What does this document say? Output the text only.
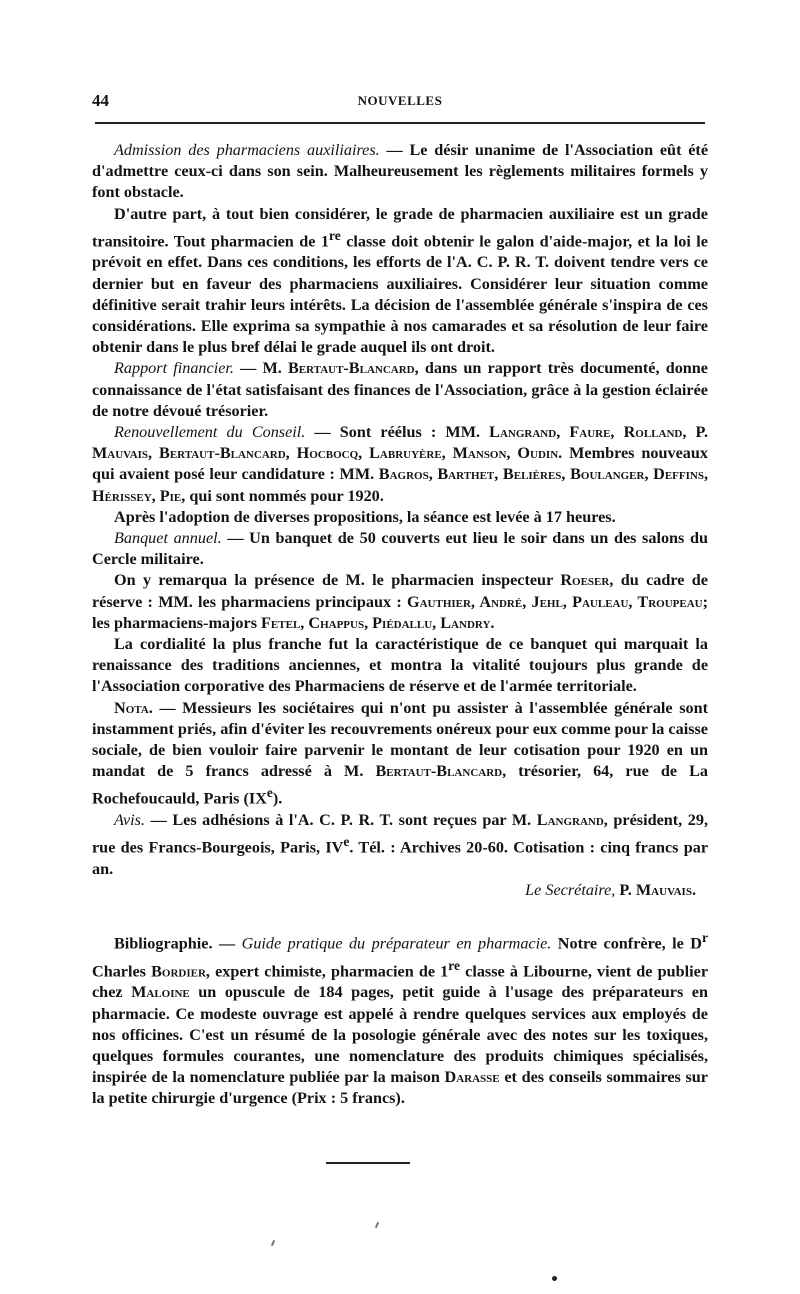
44	NOUVELLES

Admission des pharmaciens auxiliaires. — Le désir unanime de l'Association eût été d'admettre ceux-ci dans son sein. Malheureusement les règlements militaires formels y font obstacle.

D'autre part, à tout bien considérer, le grade de pharmacien auxiliaire est un grade transitoire. Tout pharmacien de 1re classe doit obtenir le galon d'aide-major, et la loi le prévoit en effet. Dans ces conditions, les efforts de l'A. C. P. R. T. doivent tendre vers ce dernier but en faveur des pharmaciens auxiliaires. Considérer leur situation comme définitive serait trahir leurs intérêts. La décision de l'assemblée générale s'inspira de ces considérations. Elle exprima sa sympathie à nos camarades et sa résolution de leur faire obtenir dans le plus bref délai le grade auquel ils ont droit.

Rapport financier. — M. Bertaut-Blancard, dans un rapport très documenté, donne connaissance de l'état satisfaisant des finances de l'Association, grâce à la gestion éclairée de notre dévoué trésorier.

Renouvellement du Conseil. — Sont réélus : MM. Langrand, Faure, Rolland, P. Mauvais, Bertaut-Blancard, Hocbocq, Labruyère, Manson, Oudin. Membres nouveaux qui avaient posé leur candidature : MM. Bagros, Barthet, Belières, Boulanger, Deffins, Hérissey, Pie, qui sont nommés pour 1920.

Après l'adoption de diverses propositions, la séance est levée à 17 heures.

Banquet annuel. — Un banquet de 50 couverts eut lieu le soir dans un des salons du Cercle militaire.

On y remarqua la présence de M. le pharmacien inspecteur Roeser, du cadre de réserve : MM. les pharmaciens principaux : Gauthier, André, Jehl, Pauleau, Troupeau; les pharmaciens-majors Fetel, Chappus, Piédallu, Landry.

La cordialité la plus franche fut la caractéristique de ce banquet qui marquait la renaissance des traditions anciennes, et montra la vitalité toujours plus grande de l'Association corporative des Pharmaciens de réserve et de l'armée territoriale.

Nota. — Messieurs les sociétaires qui n'ont pu assister à l'assemblée générale sont instamment priés, afin d'éviter les recouvrements onéreux pour eux comme pour la caisse sociale, de bien vouloir faire parvenir le montant de leur cotisation pour 1920 en un mandat de 5 francs adressé à M. Bertaut-Blancard, trésorier, 64, rue de La Rochefoucauld, Paris (IXe).

Avis. — Les adhésions à l'A. C. P. R. T. sont reçues par M. Langrand, président, 29, rue des Francs-Bourgeois, Paris, IVe. Tél. : Archives 20-60. Cotisation : cinq francs par an.

Le Secrétaire, P. Mauvais.

Bibliographie. — Guide pratique du préparateur en pharmacie. Notre confrère, le $D^r$ Charles Bordier, expert chimiste, pharmacien de 1re classe à Libourne, vient de publier chez Maloine un opuscule de 184 pages, petit guide à l'usage des préparateurs en pharmacie. Ce modeste ouvrage est appelé à rendre quelques services aux employés de nos officines. C'est un résumé de la posologie générale avec des notes sur les toxiques, quelques formules courantes, une nomenclature des produits chimiques spécialisés, inspirée de la nomenclature publiée par la maison Darasse et des conseils sommaires sur la petite chirurgie d'urgence (Prix : 5 francs).
